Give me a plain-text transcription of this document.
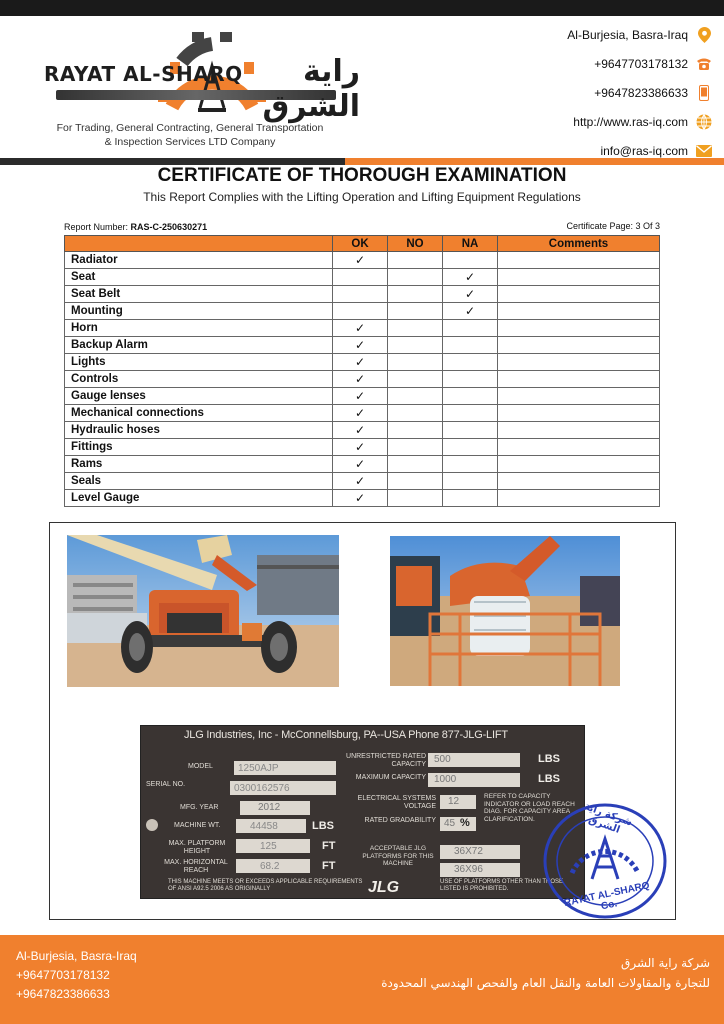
RAYAT AL-SHARQ	راية الشرق
For Trading, General Contracting, General Transportation
& Inspection Services LTD Company
Al-Burjesia, Basra-Iraq
+9647703178132
+9647823386633
http://www.ras-iq.com
info@ras-iq.com
CERTIFICATE OF THOROUGH EXAMINATION
This Report Complies with the Lifting Operation and Lifting Equipment Regulations
Report Number: RAS-C-250630271	Certificate Page: 3 Of 3
	OK	NO	NA	Comments
Radiator	✓			
Seat			✓	
Seat Belt			✓	
Mounting			✓	
Horn	✓			
Backup Alarm	✓			
Lights	✓			
Controls	✓			
Gauge lenses	✓			
Mechanical connections	✓			
Hydraulic hoses	✓			
Fittings	✓			
Rams	✓			
Seals	✓			
Level Gauge	✓			
JLG Industries, Inc - McConnellsburg, PA--USA Phone 877-JLG-LIFT
MODEL	1250AJP
SERIAL NO.	0300162576
MFG. YEAR	2012
MACHINE WT.	44458	LBS
MAX. PLATFORM HEIGHT	125	FT
MAX. HORIZONTAL REACH	68.2	FT
UNRESTRICTED RATED CAPACITY 500	LBS
MAXIMUM CAPACITY 1000	LBS
ELECTRICAL SYSTEMS VOLTAGE 12
RATED GRADABILITY 45 %
REFER TO CAPACITY INDICATOR OR LOAD REACH DIAG. FOR CAPACITY AREA CLARIFICATION.
ACCEPTABLE JLG PLATFORMS FOR THIS MACHINE
36X72
36X96
THIS MACHINE MEETS OR EXCEEDS APPLICABLE REQUIREMENTS OF ANSI A92.5 2006 AS ORIGINALLY	JLG	USE OF PLATFORMS OTHER THAN THOSE LISTED IS PROHIBITED.
شركة راية الشرق
RAYAT AL-SHARQ Co.
Al-Burjesia, Basra-Iraq
+9647703178132
+9647823386633
شركة راية الشرق
للتجارة والمقاولات العامة والنقل العام والفحص الهندسي المحدودة
